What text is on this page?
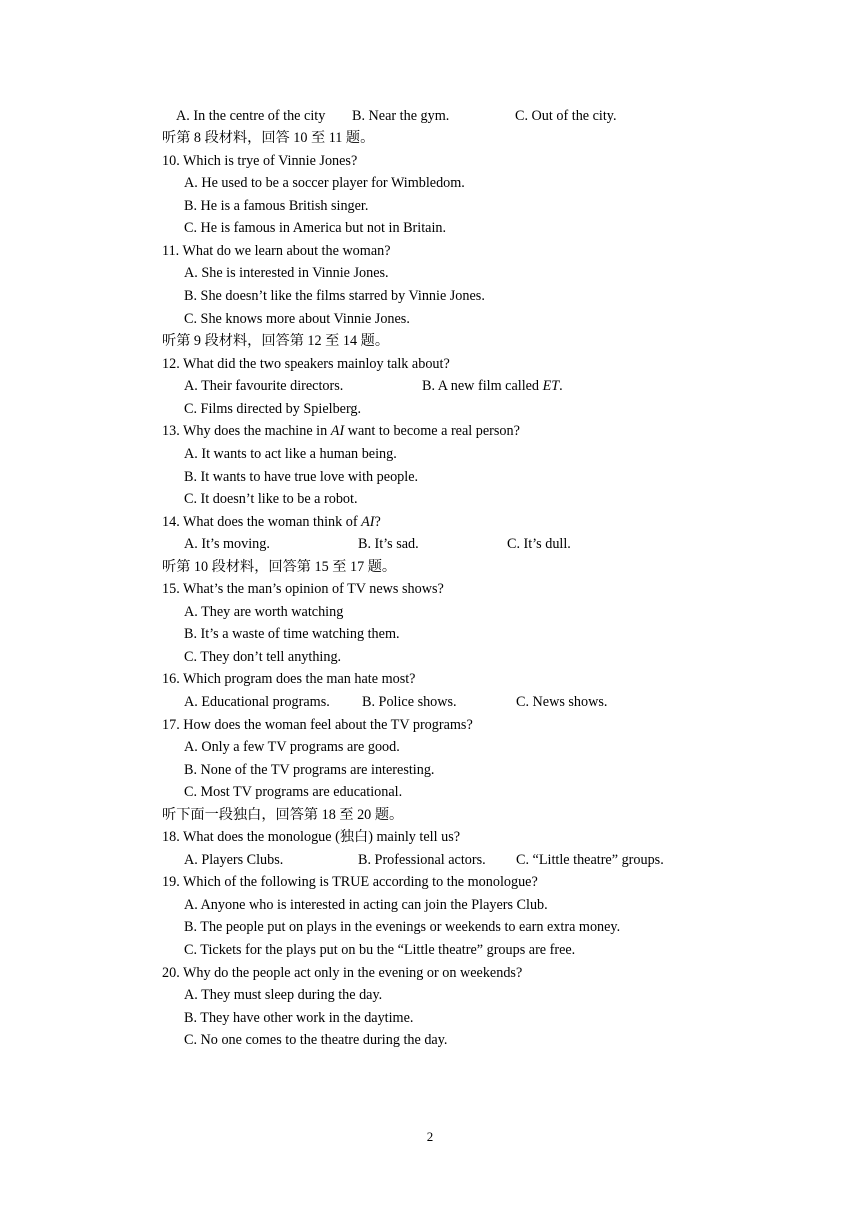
A. In the centre of the city B. Near the gym.	C. Out of the city.
听第 8 段材料，回答 10 至 11 题。
10. Which is trye of Vinnie Jones?
A. He used to be a soccer player for Wimbledom.
B. He is a famous British singer.
C. He is famous in America but not in Britain.
11. What do we learn about the woman?
A. She is interested in Vinnie Jones.
B. She doesn’t like the films starred by Vinnie Jones.
C. She knows more about Vinnie Jones.
听第 9 段材料，回答第 12 至 14 题。
12. What did the two speakers mainloy talk about?
A. Their favourite directors.	B. A new film called ET.
C. Films directed by Spielberg.
13. Why does the machine in AI want to become a real person?
A. It wants to act like a human being.
B. It wants to have true love with people.
C. It doesn’t like to be a robot.
14. What does the woman think of AI?
A. It’s moving.	B. It’s sad.	C. It’s dull.
听第 10 段材料，回答第 15 至 17 题。
15. What’s the man’s opinion of TV news shows?
A. They are worth watching
B. It’s a waste of time watching them.
C. They don’t tell anything.
16. Which program does the man hate most?
A. Educational programs. B. Police shows.	C. News shows.
17. How does the woman feel about the TV programs?
A. Only a few TV programs are good.
B. None of the TV programs are interesting.
C. Most TV programs are educational.
听下面一段独白，回答第 18 至 20 题。
18. What does the monologue (独白) mainly tell us?
A. Players Clubs.	B. Professional actors. C. “Little theatre” groups.
19. Which of the following is TRUE according to the monologue?
A. Anyone who is interested in acting can join the Players Club.
B. The people put on plays in the evenings or weekends to earn extra money.
C. Tickets for the plays put on bu the “Little theatre” groups are free.
20. Why do the people act only in the evening or on weekends?
A. They must sleep during the day.
B. They have other work in the daytime.
C. No one comes to the theatre during the day.
2
